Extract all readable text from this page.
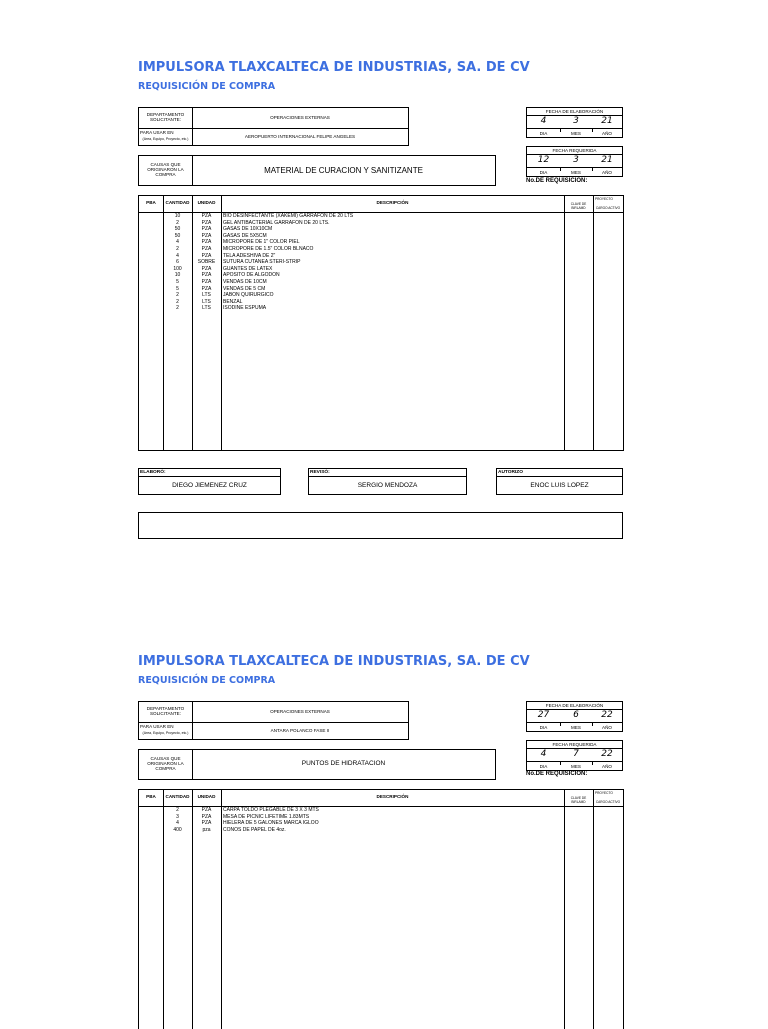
IMPULSORA TLAXCALTECA DE INDUSTRIAS, SA. DE CV
REQUISICIÓN DE COMPRA
DEPARTAMENTO SOLICITANTE:	OPERACIONES EXTERNAS
PARA USAR EN
(Area, Equipo, Proyecto, etc.)	AEROPUERTO INTERNACIONAL FELIPE ANGELES
CAUSAS QUE ORIGINARON LA COMPRA	MATERIAL DE CURACION Y SANITIZANTE
FECHA DE ELABORACIÓN
4	3	21
DIA	MES	AÑO
FECHA REQUERIDA
12	3	21
DIA	MES	AÑO
No.DE REQUISICION:
PBA	CANTIDAD	UNIDAD	DESCRIPCIÓN	CLAVE DE BIRLAMD
PROYECTO
CARGO ACTIVO
10	PZA	BIO DESINFECTANTE (XAKEMI) GARRAFON DE 20 LTS
2	PZA	GEL ANTIBACTERIAL GARRAFON DE 20 LTS.
50	PZA	GASAS DE 10X10CM
50	PZA	GASAS DE 5X5CM
4	PZA	MICROPORE DE 1" COLOR PIEL
2	PZA	MICROPORE DE 1.5" COLOR BLNACO
4	PZA	TELA ADESHIVA DE 2"
6	SOBRE	SUTURA CUTANEA STERI-STRIP
100	PZA	GUANTES DE LATEX
10	PZA	APOSITO DE ALGODON
5	PZA	VENDAS DE 10CM
5	PZA	VENDAS DE 5 CM
2	LTS	JABON QUIRURGICO
2	LTS	BENZAL
2	LTS	ISODINE ESPUMA
ELABORÓ:
DIEGO JIEMENEZ CRUZ
REVISÓ:
SERGIO MENDOZA
AUTORIZO
ENOC LUIS LOPEZ
IMPULSORA TLAXCALTECA DE INDUSTRIAS, SA. DE CV
REQUISICIÓN DE COMPRA
DEPARTAMENTO SOLICITANTE:	OPERACIONES EXTERNAS
PARA USAR EN
(Area, Equipo, Proyecto, etc.)	ANTARA POLANCO FASE II
CAUSAS QUE ORIGINARON LA COMPRA
PUNTOS DE HIDRATACION
FECHA DE ELABORACIÓN
27	6	22
DIA	MES	AÑO
FECHA REQUERIDA
4	7	22
DIA	MES	AÑO
No.DE REQUISICION:
PBA	CANTIDAD	UNIDAD	DESCRIPCIÓN	CLAVE DE BIRLAMD
PROYECTO
CARGO ACTIVO
2	PZA	CARPA TOLDO PLEGABLE DE 3 X 3 MTS
3	PZA	MESA DE PICNIC LIFETIME 1.83MTS
4	PZA	HIELERA DE 5 GALONES MARCA IGLOO
400	pza	CONOS DE PAPEL DE 4oz.
